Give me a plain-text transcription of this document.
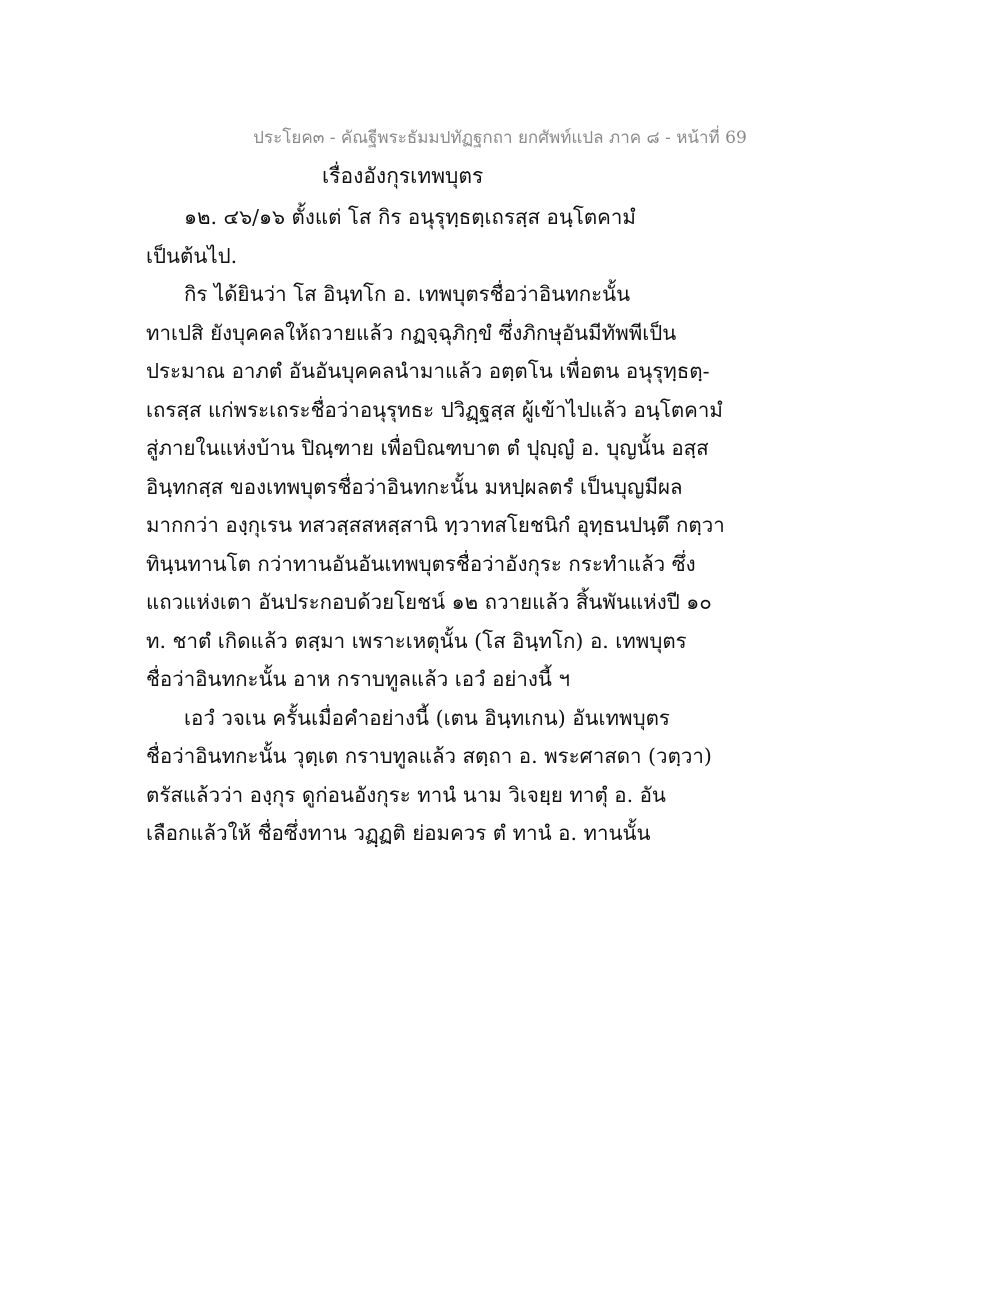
ประโยค๓ - คัณฐีพระธัมมปทัฏฐกถา ยกศัพท์แปล ภาค ๘ - หน้าที่ 69
เรื่องอังกุรเทพบุตร
๑๒. ๔๖/๑๖ ตั้งแต่ โส กิร อนุรุทฺธตฺเถรสฺส อนฺโตคามํ
เป็นต้นไป.
กิร ได้ยินว่า โส อินฺทโก อ. เทพบุตรชื่อว่าอินทกะนั้น
ทาเปสิ ยังบุคคลให้ถวายแล้ว กฏจฺฉุภิกฺขํ ซึ่งภิกษุอันมีทัพพีเป็น
ประมาณ อาภตํ อันอันบุคคลนำมาแล้ว อตฺตโน เพื่อตน อนุรุทฺธตฺ-
เถรสฺส แก่พระเถระชื่อว่าอนุรุทธะ ปวิฏฺฐสฺส ผู้เข้าไปแล้ว อนฺโตคามํ
สู่ภายในแห่งบ้าน ปิณฺฑาย เพื่อบิณฑบาต ตํ ปุญฺญํ อ. บุญนั้น อสฺส
อินฺทกสฺส ของเทพบุตรชื่อว่าอินทกะนั้น มหปฺผลตรํ เป็นบุญมีผล
มากกว่า องฺกุเรน ทสวสฺสสหสฺสานิ ทฺวาทสโยชนิกํ อุทฺธนปนฺตึ กตฺวา
ทินฺนทานโต กว่าทานอันอันเทพบุตรชื่อว่าอังกุระ กระทำแล้ว ซึ่ง
แถวแห่งเตา อันประกอบด้วยโยชน์ ๑๒ ถวายแล้ว สิ้นพันแห่งปี ๑๐
ท. ชาตํ เกิดแล้ว ตสฺมา เพราะเหตุนั้น (โส อินฺทโก) อ. เทพบุตร
ชื่อว่าอินทกะนั้น อาห กราบทูลแล้ว เอวํ อย่างนี้ ฯ
เอวํ วจเน ครั้นเมื่อคำอย่างนี้ (เตน อินฺทเกน) อันเทพบุตร
ชื่อว่าอินทกะนั้น วุตฺเต กราบทูลแล้ว สตฺถา อ. พระศาสดา (วตฺวา)
ตรัสแล้วว่า องฺกุร ดูก่อนอังกุระ ทานํ นาม วิเจยฺย ทาตุํ อ. อัน
เลือกแล้วให้ ชื่อซึ่งทาน วฏฺฏติ ย่อมควร ตํ ทานํ อ. ทานนั้น
